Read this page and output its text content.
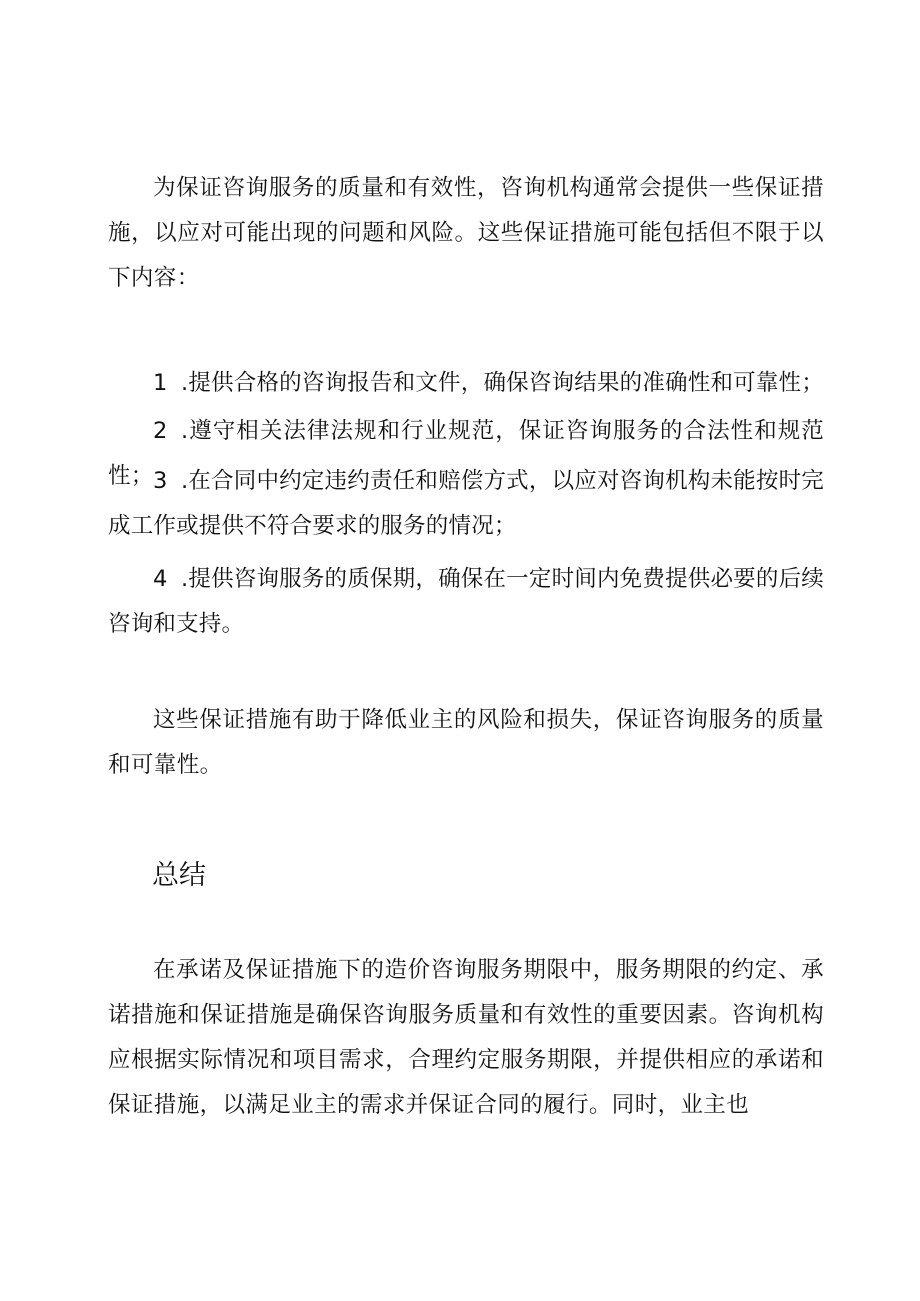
为保证咨询服务的质量和有效性，咨询机构通常会提供一些保证措施，以应对可能出现的问题和风险。这些保证措施可能包括但不限于以下内容：

1 .提供合格的咨询报告和文件，确保咨询结果的准确性和可靠性；

2 .遵守相关法律法规和行业规范，保证咨询服务的合法性和规范性； 3 .在合同中约定违约责任和赔偿方式，以应对咨询机构未能按时完成工作或提供不符合要求的服务的情况；

4 .提供咨询服务的质保期，确保在一定时间内免费提供必要的后续咨询和支持。

这些保证措施有助于降低业主的风险和损失，保证咨询服务的质量和可靠性。

总结

在承诺及保证措施下的造价咨询服务期限中，服务期限的约定、承诺措施和保证措施是确保咨询服务质量和有效性的重要因素。咨询机构应根据实际情况和项目需求，合理约定服务期限，并提供相应的承诺和保证措施，以满足业主的需求并保证合同的履行。同时，业主也
